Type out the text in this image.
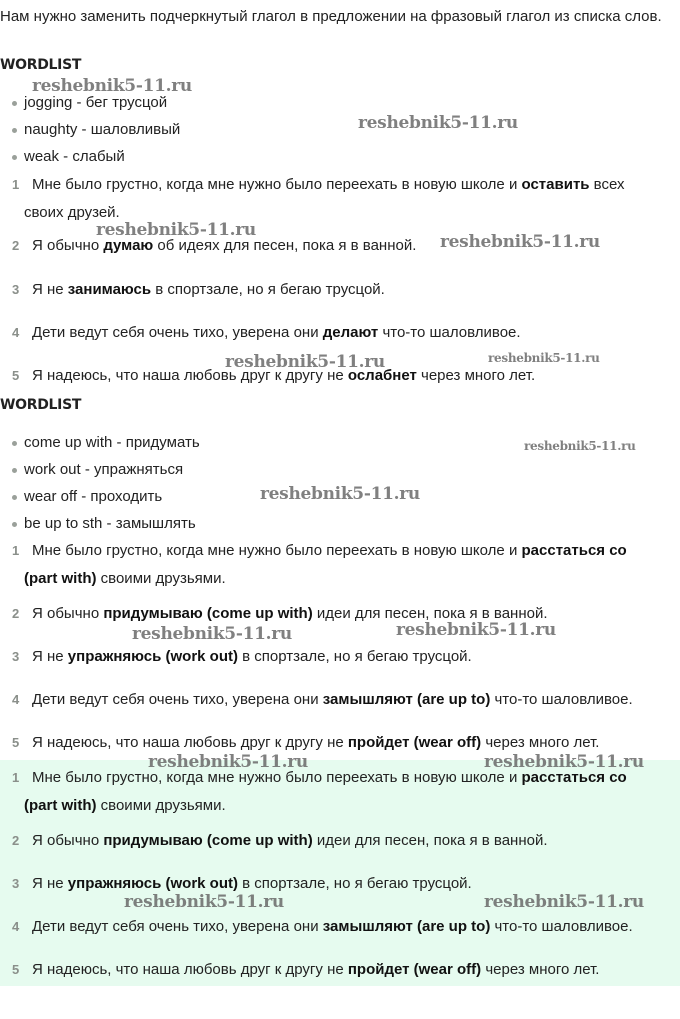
Нам нужно заменить подчеркнутый глагол в предложении на фразовый глагол из списка слов.
WORDLIST
jogging - бег трусцой
naughty - шаловливый
weak - слабый
1 Мне было грустно, когда мне нужно было переехать в новую школе и оставить всех
своих друзей.
2 Я обычно думаю об идеях для песен, пока я в ванной.
3 Я не занимаюсь в спортзале, но я бегаю трусцой.
4 Дети ведут себя очень тихо, уверена они делают что-то шаловливое.
5 Я надеюсь, что наша любовь друг к другу не ослабнет через много лет.
WORDLIST
come up with - придумать
work out - упражняться
wear off - проходить
be up to sth - замышлять
1 Мне было грустно, когда мне нужно было переехать в новую школе и расстаться со
(part with) своими друзьями.
2 Я обычно придумываю (come up with) идеи для песен, пока я в ванной.
3 Я не упражняюсь (work out) в спортзале, но я бегаю трусцой.
4 Дети ведут себя очень тихо, уверена они замышляют (are up to) что-то шаловливое.
5 Я надеюсь, что наша любовь друг к другу не пройдет (wear off) через много лет.
1 Мне было грустно, когда мне нужно было переехать в новую школе и расстаться со
(part with) своими друзьями.
2 Я обычно придумываю (come up with) идеи для песен, пока я в ванной.
3 Я не упражняюсь (work out) в спортзале, но я бегаю трусцой.
4 Дети ведут себя очень тихо, уверена они замышляют (are up to) что-то шаловливое.
5 Я надеюсь, что наша любовь друг к другу не пройдет (wear off) через много лет.
reshebnik5-11.ru
reshebnik5-11.ru
reshebnik5-11.ru
reshebnik5-11.ru
reshebnik5-11.ru	reshebnik5-11.ru
reshebnik5-11.ru
reshebnik5-11.ru
reshebnik5-11.ru	reshebnik5-11.ru
reshebnik5-11.ru	reshebnik5-11.ru
reshebnik5-11.ru	reshebnik5-11.ru
